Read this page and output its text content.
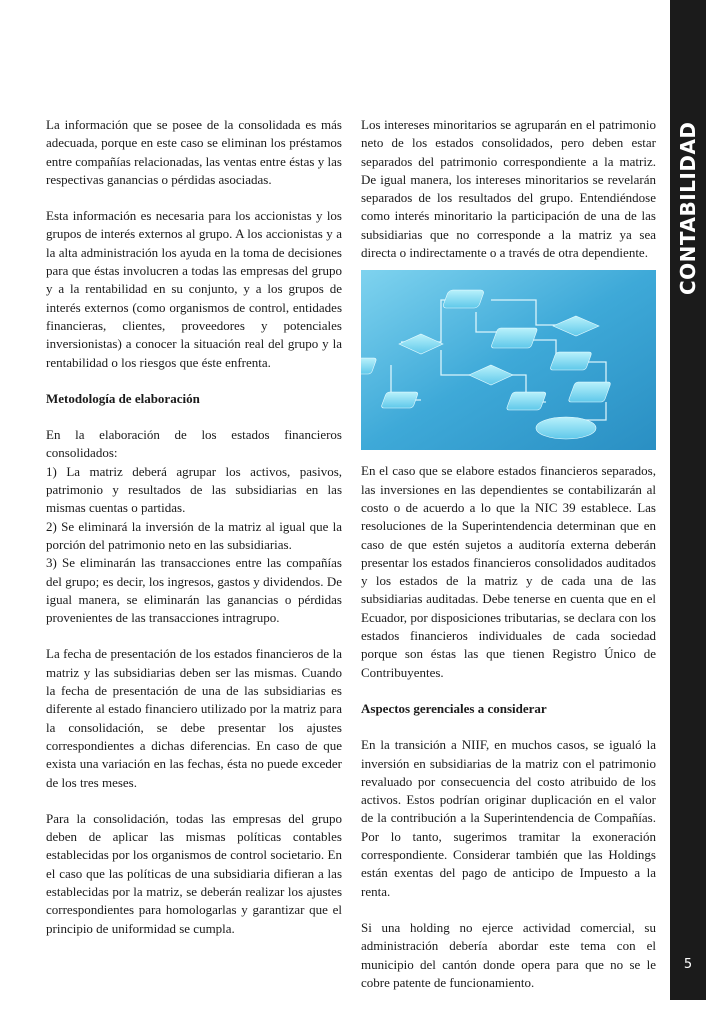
CONTABILIDAD
5

La información que se posee de la consolidada es más adecuada, porque en este caso se eliminan los préstamos entre compañías relacionadas, las ventas entre éstas y las respectivas ganancias o pérdidas asociadas.

Esta información es necesaria para los accionistas y los grupos de interés externos al grupo. A los accionistas y a la alta administración los ayuda en la toma de decisiones para que éstas involucren a todas las empresas del grupo y a la rentabilidad en su conjunto, y a los grupos de interés externos (como organismos de control, entidades financieras, clientes, proveedores y potenciales inversionistas) a conocer la situación real del grupo y la rentabilidad o los riesgos que éste enfrenta.

Metodología de elaboración

En la elaboración de los estados financieros consolidados:

1) La matriz deberá agrupar los activos, pasivos, patrimonio y resultados de las subsidiarias en las mismas cuentas o partidas.

2) Se eliminará la inversión de la matriz al igual que la porción del patrimonio neto en las subsidiarias.

3) Se eliminarán las transacciones entre las compañías del grupo; es decir, los ingresos, gastos y dividendos. De igual manera, se eliminarán las ganancias o pérdidas provenientes de las transacciones intragrupo.

La fecha de presentación de los estados financieros de la matriz y las subsidiarias deben ser las mismas. Cuando la fecha de presentación de una de las subsidiarias es diferente al estado financiero utilizado por la matriz para la consolidación, se debe presentar los ajustes correspondientes a dichas diferencias. En caso de que exista una variación en las fechas, ésta no puede exceder de los tres meses.

Para la consolidación, todas las empresas del grupo deben de aplicar las mismas políticas contables establecidas por los organismos de control societario. En el caso que las políticas de una subsidiaria difieran a las establecidas por la matriz, se deberán realizar los ajustes correspondientes para homologarlas y garantizar que el principio de uniformidad se cumpla.

Los intereses minoritarios se agruparán en el patrimonio neto de los estados consolidados, pero deben estar separados del patrimonio correspondiente a la matriz. De igual manera, los intereses minoritarios se revelarán separados de los resultados del grupo. Entendiéndose como interés minoritario la participación de una de las subsidiarias que no corresponde a la matriz ya sea directa o indirectamente o a través de otra dependiente.

En el caso que se elabore estados financieros separados, las inversiones en las dependientes se contabilizarán al costo o de acuerdo a lo que la NIC 39 establece. Las resoluciones de la Superintendencia determinan que en caso de que estén sujetos a auditoría externa deberán presentar los estados financieros consolidados auditados y los estados de la matriz y de cada una de las subsidiarias auditadas. Debe tenerse en cuenta que en el Ecuador, por disposiciones tributarias, se declara con los estados financieros individuales de cada sociedad porque son éstas las que tienen Registro Único de Contribuyentes.

Aspectos gerenciales a considerar

En la transición a NIIF, en muchos casos, se igualó la inversión en subsidiarias de la matriz con el patrimonio revaluado por consecuencia del costo atribuido de los activos. Estos podrían originar duplicación en el valor de la contribución a la Superintendencia de Compañías. Por lo tanto, sugerimos tramitar la exoneración correspondiente. Considerar también que las Holdings están exentas del pago de anticipo de Impuesto a la renta.

Si una holding no ejerce actividad comercial, su administración debería abordar este tema con el municipio del cantón donde opera para que no se le cobre patente de funcionamiento.
